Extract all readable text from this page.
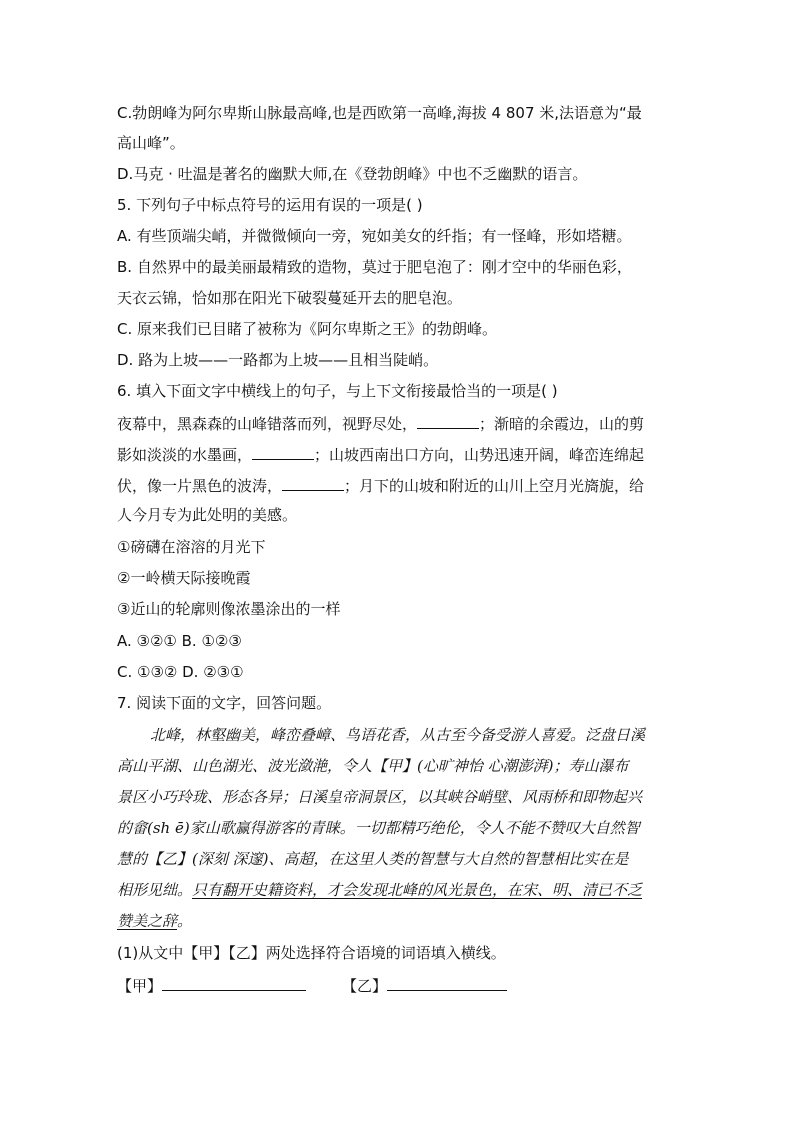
C.勃朗峰为阿尔卑斯山脉最高峰,也是西欧第一高峰,海拔 4 807 米,法语意为“最
高山峰”。
D.马克 · 吐温是著名的幽默大师,在《登勃朗峰》中也不乏幽默的语言。
5. 下列句子中标点符号的运用有误的一项是( )
A. 有些顶端尖峭，并微微倾向一旁，宛如美女的纤指；有一怪峰，形如塔糖。
B. 自然界中的最美丽最精致的造物，莫过于肥皂泡了：刚才空中的华丽色彩，
天衣云锦，恰如那在阳光下破裂蔓延开去的肥皂泡。
C. 原来我们已目睹了被称为《阿尔卑斯之王》的勃朗峰。
D. 路为上坡——一路都为上坡——且相当陡峭。
6. 填入下面文字中横线上的句子，与上下文衔接最恰当的一项是( )
夜幕中，黑森森的山峰错落而列，视野尽处，	；渐暗的余霞边，山的剪
影如淡淡的水墨画，	；山坡西南出口方向，山势迅速开阔，峰峦连绵起
伏，像一片黑色的波涛，	；月下的山坡和附近的山川上空月光旖旎，给
人今月专为此处明的美感。
①磅礴在溶溶的月光下
②一岭横天际接晚霞
③近山的轮廓则像浓墨涂出的一样
A. ③②① B. ①②③
C. ①③② D. ②③①
7. 阅读下面的文字，回答问题。
北峰，林壑幽美，峰峦叠嶂、鸟语花香，从古至今备受游人喜爱。泛盘日溪
高山平湖、山色湖光、波光潋滟，令人【甲】(心旷神怡 心潮澎湃)；寿山瀑布
景区小巧玲珑、形态各异；日溪皇帝洞景区，以其峡谷峭壁、风雨桥和即物起兴
的畲(sh ē)家山歌赢得游客的青睐。一切都精巧绝伦，令人不能不赞叹大自然智
慧的【乙】(深刻 深邃)、高超，在这里人类的智慧与大自然的智慧相比实在是
相形见绌。只有翻开史籍资料，才会发现北峰的风光景色，在宋、明、清已不乏
赞美之辞。
(1)从文中【甲】【乙】两处选择符合语境的词语填入横线。
【甲】	【乙】
